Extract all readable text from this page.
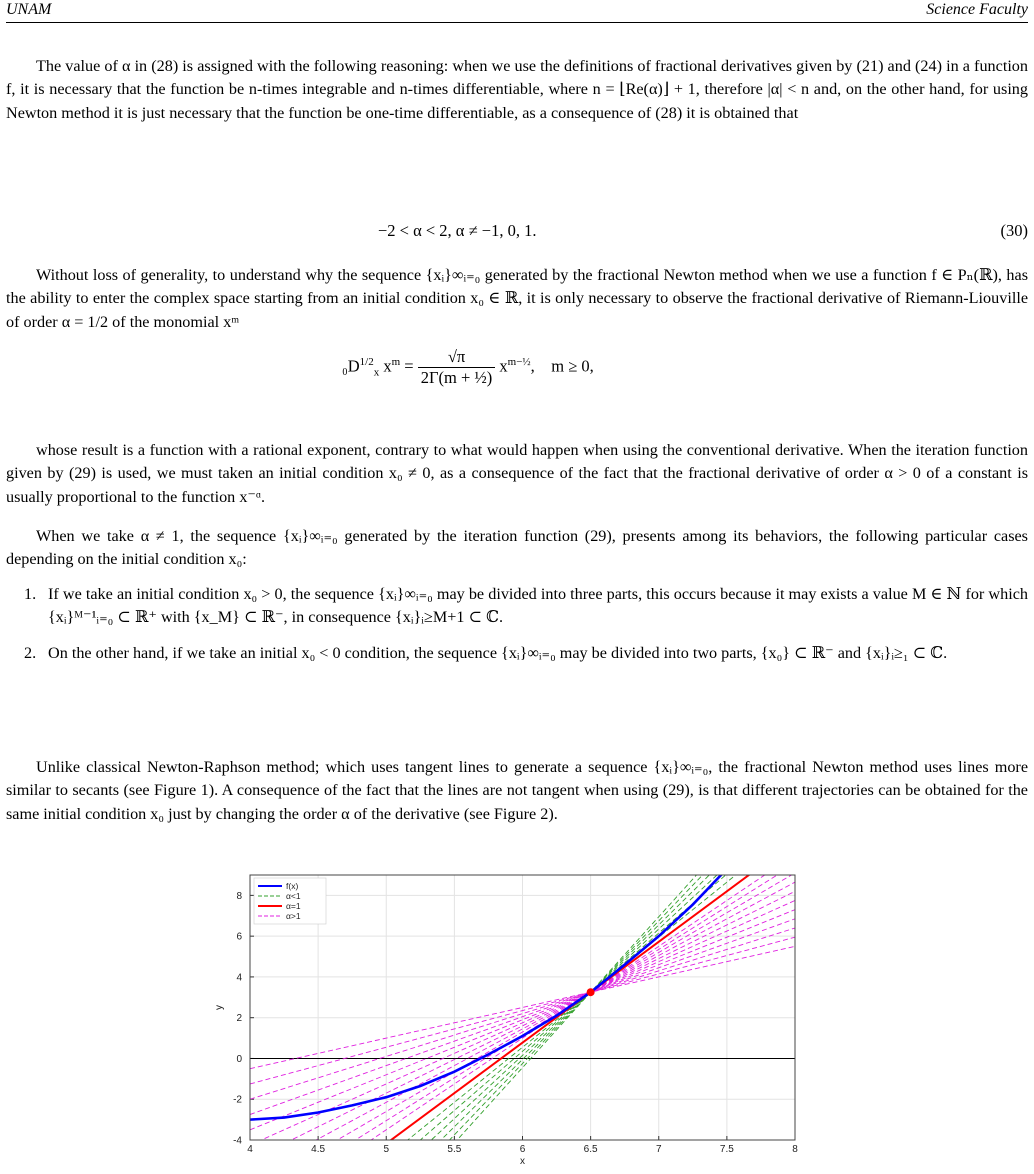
UNAM	Science Faculty

The value of α in (28) is assigned with the following reasoning: when we use the definitions of fractional derivatives given by (21) and (24) in a function f, it is necessary that the function be n-times integrable and n-times differentiable, where n = ⌊Re(α)⌋ + 1, therefore |α| < n and, on the other hand, for using Newton method it is just necessary that the function be one-time differentiable, as a consequence of (28) it is obtained that

−2 < α < 2, α ≠ −1, 0, 1.	(30)

Without loss of generality, to understand why the sequence {xᵢ}∞ᵢ₌₀ generated by the fractional Newton method when we use a function f ∈ Pₙ(ℝ), has the ability to enter the complex space starting from an initial condition x₀ ∈ ℝ, it is only necessary to observe the fractional derivative of Riemann-Liouville of order α = 1/2 of the monomial xᵐ

$_0D^{1/2}_x$ $x^m = \frac{√\pi}{\text{2Γ(m + ½)}} x^{m-\frac{1}{2}}$,    m ≥ 0,

whose result is a function with a rational exponent, contrary to what would happen when using the conventional derivative. When the iteration function given by (29) is used, we must taken an initial condition x₀ ≠ 0, as a consequence of the fact that the fractional derivative of order α > 0 of a constant is usually proportional to the function x⁻ᵅ.

When we take α ≠ 1, the sequence {xᵢ}∞ᵢ₌₀ generated by the iteration function (29), presents among its behaviors, the following particular cases depending on the initial condition x₀:

1. If we take an initial condition x₀ > 0, the sequence {xᵢ}∞ᵢ₌₀ may be divided into three parts, this occurs because it may exists a value M ∈ ℕ for which {xᵢ}ᴹ⁻¹ᵢ₌₀ ⊂ ℝ⁺ with {x_M} ⊂ ℝ⁻, in consequence {xᵢ}ᵢ≥M+1 ⊂ ℂ.
2. On the other hand, if we take an initial x₀ < 0 condition, the sequence {xᵢ}∞ᵢ₌₀ may be divided into two parts, {x₀} ⊂ ℝ⁻ and {xᵢ}ᵢ≥₁ ⊂ ℂ.

Unlike classical Newton-Raphson method; which uses tangent lines to generate a sequence {xᵢ}∞ᵢ₌₀, the fractional Newton method uses lines more similar to secants (see Figure 1). A consequence of the fact that the lines are not tangent when using (29), is that different trajectories can be obtained for the same initial condition x₀ just by changing the order α of the derivative (see Figure 2).

4	4.5	5	5.5	6	6.5	7	7.5	8
-4
-2
0
2
4
6
8
x
y
f(x)
α<1
α=1
α>1
